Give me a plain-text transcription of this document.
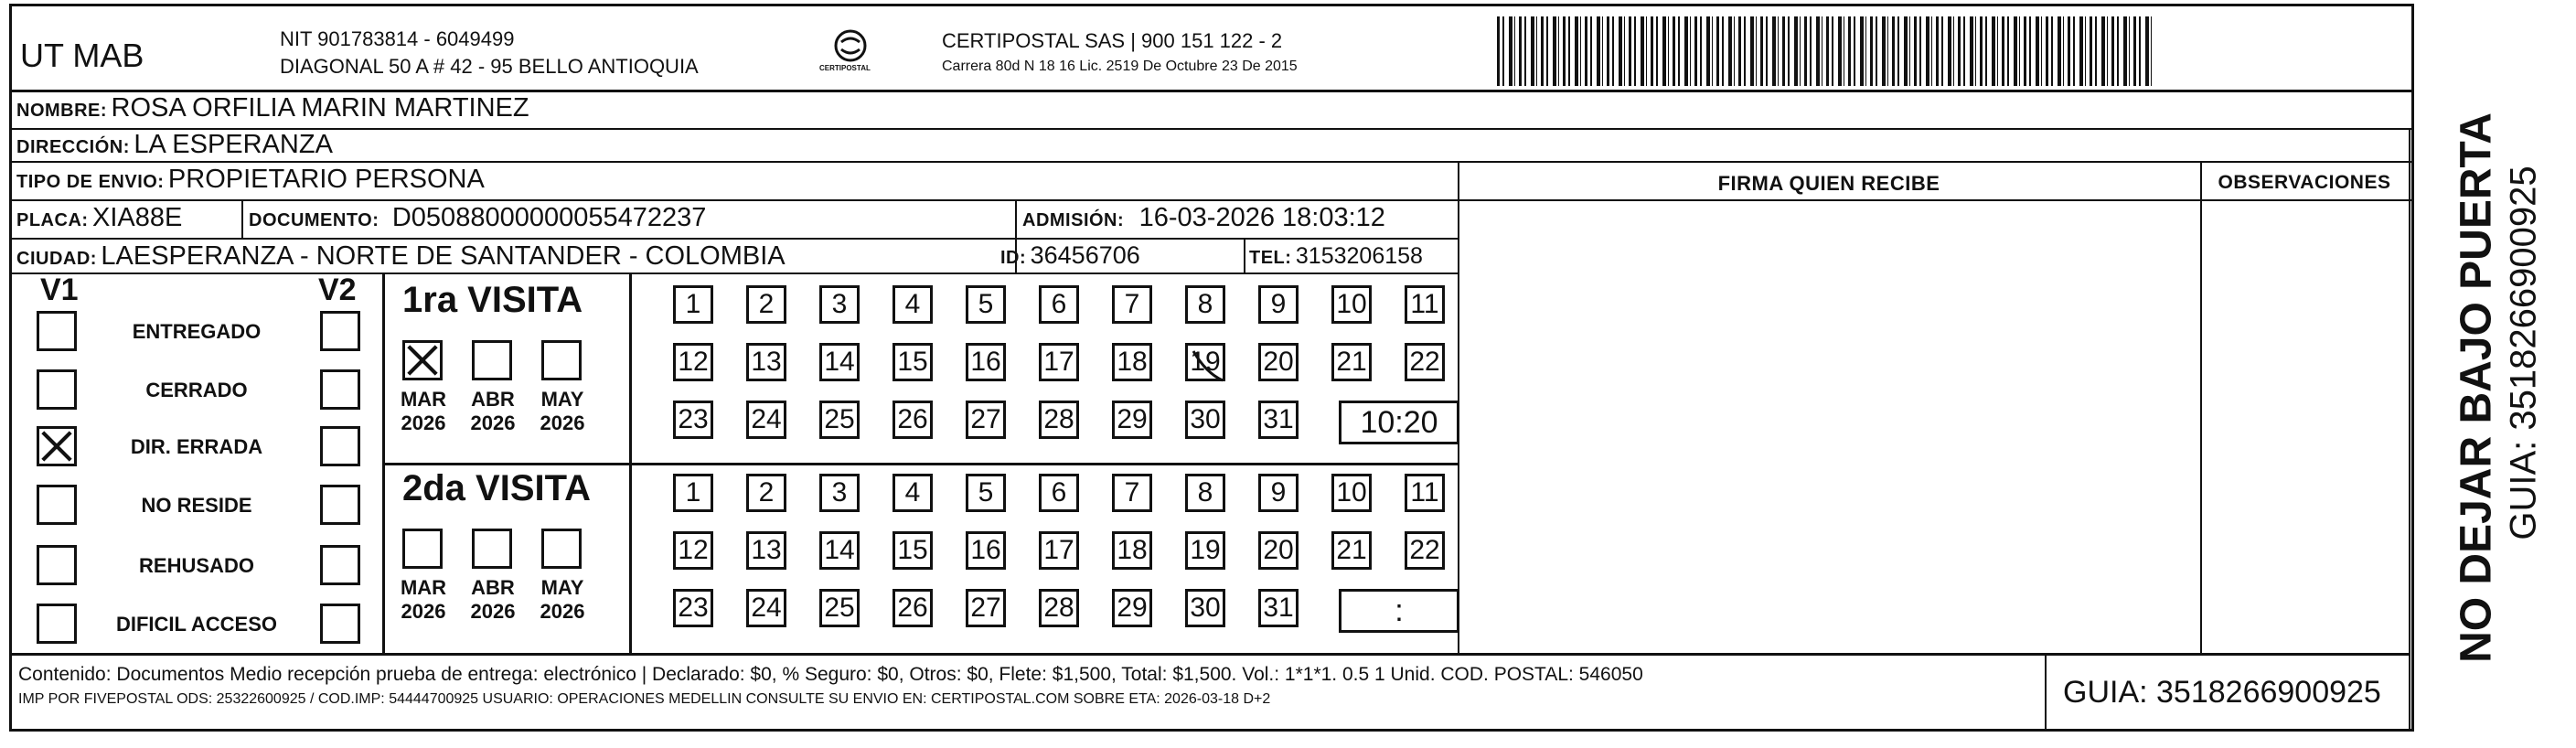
UT MAB	NIT 901783814 - 6049499
DIAGONAL 50 A # 42 - 95 BELLO ANTIOQUIA	CERTIPOSTAL
CERTIPOSTAL SAS | 900 151 122 - 2
Carrera 80d N 18 16 Lic. 2519 De Octubre 23 De 2015
NOMBRE: ROSA ORFILIA MARIN MARTINEZ
DIRECCIÓN: LA ESPERANZA
TIPO DE ENVIO: PROPIETARIO PERSONA	FIRMA QUIEN RECIBE	OBSERVACIONES
PLACA: XIA88E	DOCUMENTO: D05088000000055472237	ADMISIÓN: 16-03-2026 18:03:12
CIUDAD: LAESPERANZA - NORTE DE SANTANDER - COLOMBIA	ID: 36456706	TEL: 3153206158
V1	V2
ENTREGADO
CERRADO
DIR. ERRADA
NO RESIDE
REHUSADO
DIFICIL ACCESO
1ra VISITA
2da VISITA
MAR
2026
ABR
2026
MAY
2026
MAR
2026
ABR
2026
MAY
2026
1	2	3	4	5	6	7	8	9	10 11
12 13 14 15 16 17 18 19 20 21 22
23 24 25 26 27 28 29 30 31	10:20
1	2	3	4	5	6	7	8	9	10 11
12 13 14 15 16 17 18 19 20 21 22
23 24 25 26 27 28 29 30 31	:
Contenido: Documentos Medio recepción prueba de entrega: electrónico | Declarado: $0, % Seguro: $0, Otros: $0, Flete: $1,500, Total: $1,500. Vol.: 1*1*1. 0.5 1 Unid. COD. POSTAL: 546050
IMP POR FIVEPOSTAL ODS: 25322600925 / COD.IMP: 54444700925 USUARIO: OPERACIONES MEDELLIN CONSULTE SU ENVIO EN: CERTIPOSTAL.COM SOBRE ETA: 2026-03-18 D+2	GUIA: 3518266900925
NO DEJAR BAJO PUERTA GUIA: 3518266900925
